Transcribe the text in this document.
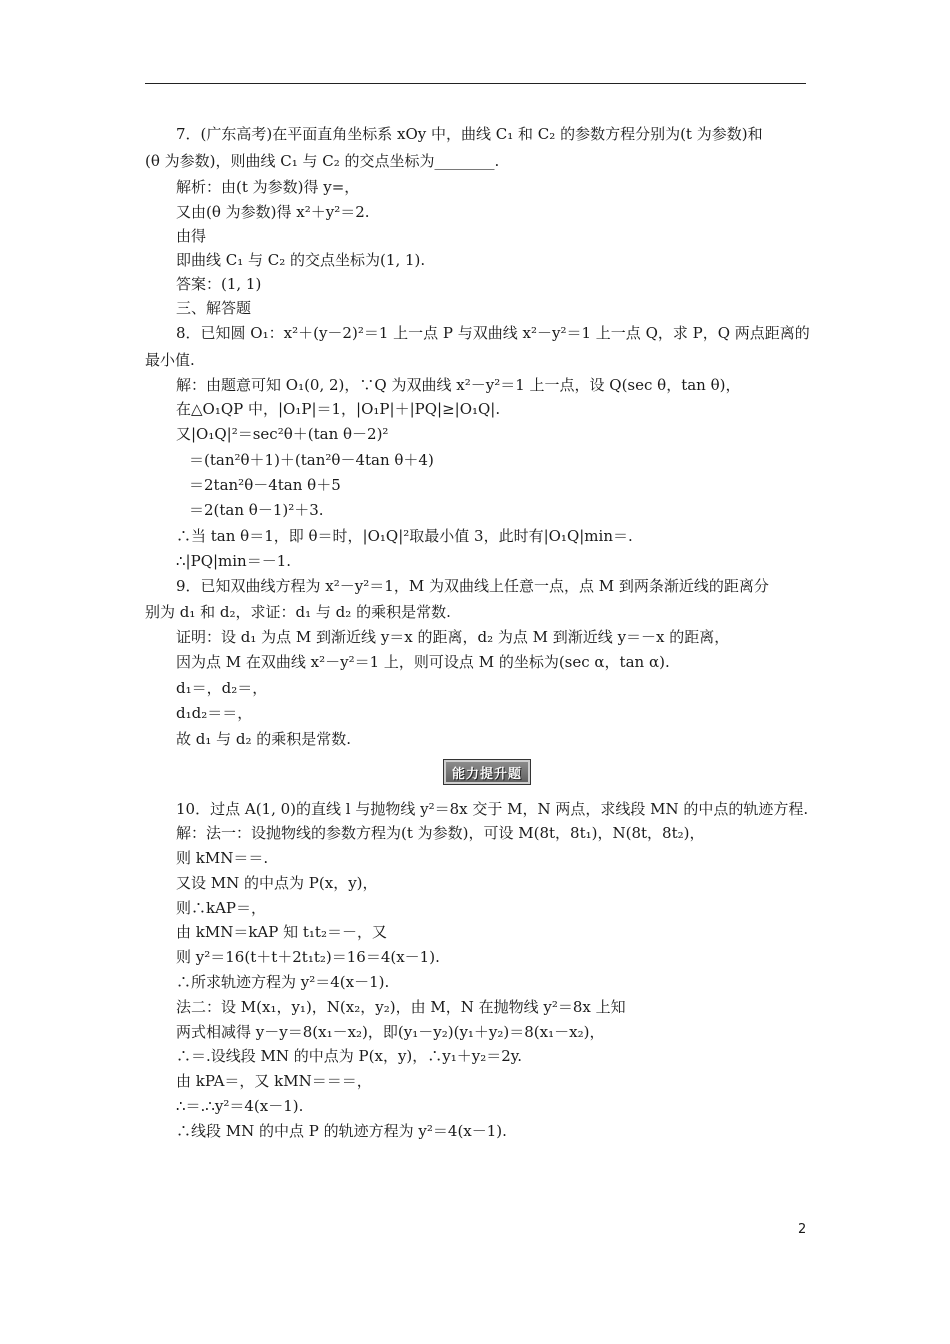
7．(广东高考)在平面直角坐标系 xOy 中，曲线 C₁ 和 C₂ 的参数方程分别为(t 为参数)和
(θ 为参数)，则曲线 C₁ 与 C₂ 的交点坐标为________.
解析：由(t 为参数)得 y=，
又由(θ 为参数)得 x²＋y²＝2.
由得
即曲线 C₁ 与 C₂ 的交点坐标为(1, 1).
答案：(1, 1)
三、解答题
8．已知圆 O₁：x²＋(y－2)²＝1 上一点 P 与双曲线 x²－y²＝1 上一点 Q，求 P，Q 两点距离的
最小值.
解：由题意可知 O₁(0, 2)，∵Q 为双曲线 x²－y²＝1 上一点，设 Q(sec θ，tan θ)，
在△O₁QP 中，|O₁P|＝1，|O₁P|＋|PQ|≥|O₁Q|.
又|O₁Q|²＝sec²θ＋(tan θ－2)²
＝(tan²θ＋1)＋(tan²θ－4tan θ＋4)
＝2tan²θ－4tan θ＋5
＝2(tan θ－1)²＋3.
∴当 tan θ＝1，即 θ＝时，|O₁Q|²取最小值 3，此时有|O₁Q|min＝.
∴|PQ|min＝－1.
9．已知双曲线方程为 x²－y²＝1，M 为双曲线上任意一点，点 M 到两条渐近线的距离分
别为 d₁ 和 d₂，求证：d₁ 与 d₂ 的乘积是常数.
证明：设 d₁ 为点 M 到渐近线 y＝x 的距离，d₂ 为点 M 到渐近线 y＝－x 的距离，
因为点 M 在双曲线 x²－y²＝1 上，则可设点 M 的坐标为(sec α，tan α).
d₁＝，d₂＝，
d₁d₂＝＝，
故 d₁ 与 d₂ 的乘积是常数.
能力提升题
10．过点 A(1, 0)的直线 l 与抛物线 y²＝8x 交于 M，N 两点，求线段 MN 的中点的轨迹方程.
解：法一：设抛物线的参数方程为(t 为参数)，可设 M(8t，8t₁)，N(8t，8t₂)，
则 kMN＝＝.
又设 MN 的中点为 P(x，y)，
则∴kAP＝，
由 kMN＝kAP 知 t₁t₂＝－，又
则 y²＝16(t＋t＋2t₁t₂)＝16＝4(x－1).
∴所求轨迹方程为 y²＝4(x－1).
法二：设 M(x₁，y₁)，N(x₂，y₂)，由 M，N 在抛物线 y²＝8x 上知
两式相减得 y－y＝8(x₁－x₂)，即(y₁－y₂)(y₁＋y₂)＝8(x₁－x₂)，
∴＝.设线段 MN 的中点为 P(x，y)，∴y₁＋y₂＝2y.
由 kPA＝，又 kMN＝＝＝，
∴＝.∴y²＝4(x－1).
∴线段 MN 的中点 P 的轨迹方程为 y²＝4(x－1).
2
